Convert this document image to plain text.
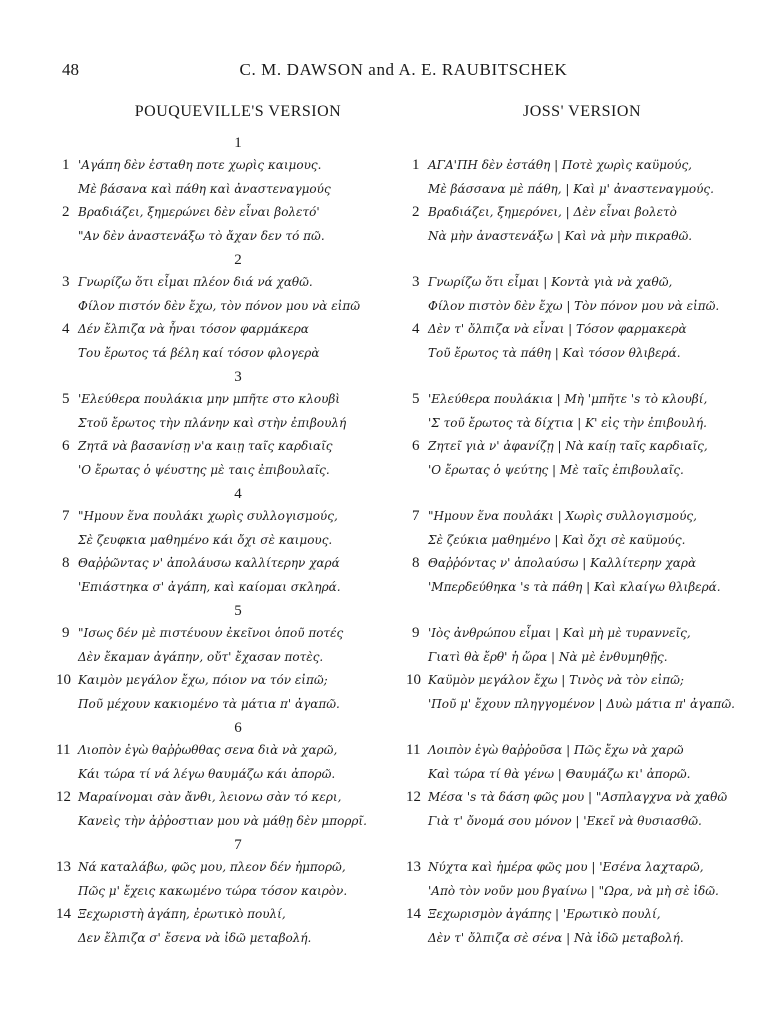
48	C. M. DAWSON and A. E. RAUBITSCHEK
POUQUEVILLE'S VERSION
1
1 'Αγάπη δὲν ἐσταθη ποτε χωρὶς καιμους.
Μὲ βάσανα καὶ πάθη καὶ ἀναστεναγμούς
2 Βραδιάζει, ξημερώνει δὲν εἶναι βολετό'
"Αν δὲν ἀναστενάξω τὸ ἄχαν δεν τό πῶ.
2
3 Γνωρίζω ὅτι εἶμαι πλέον διά νά χαθῶ.
Φίλον πιστόν δὲν ἔχω, τὸν πόνον μου νὰ εἰπῶ
4 Δέν ἔλπιζα νὰ ἦναι τόσον φαρμάκερα
Του ἔρωτος τά βέλη καί τόσον φλογερὰ
3
5 'Ελεύθερα πουλάκια μην μπῆτε στο κλουβὶ
Στοῦ ἔρωτος τὴν πλάνην καὶ στὴν ἐπιβουλή
6 Ζητᾶ νὰ βασανίσῃ ν'α καιῃ ταῖς καρδιαῖς
'Ο ἔρωτας ὁ ψέυστης μὲ ταις ἐπιβουλαῖς.
4
7 "Ημουν ἕνα πουλάκι χωρὶς συλλογισμούς,
Σὲ ζευφκια μαθημένο κάι ὄχι σὲ καιμους.
8 Θαῤῥῶντας ν' ἀπολάυσω καλλίτερην χαρά
'Επιάστηκα σ' ἀγάπη, καὶ καίομαι σκληρά.
5
9 "Ισως δέν μὲ πιστέυουν ἐκεῖνοι ὁποῦ ποτές
Δὲν ἔκαμαν ἀγάπην, οὔτ' ἔχασαν ποτὲς.
10 Καιμὸν μεγάλον ἔχω, πόιον να τόν εἰπῶ;
Ποῦ μέχουν κακιομένο τὰ μάτια π' ἀγαπῶ.
6
11 Λιοπὸν ἐγὼ θαῤῥωθθας σενα διὰ νὰ χαρῶ,
Κάι τώρα τί νά λέγω θαυμάζω κάι ἀπορῶ.
12 Μαραίνομαι σὰν ἄνθι, λειονω σὰν τό κερι,
Κανεὶς τὴν ἀῤῥοστιαν μου νὰ μάθῃ δὲν μπορρῖ.
7
13 Νά καταλάβω, φῶς μου, πλεον δέν ἠμπορῶ,
Πῶς μ' ἔχεις κακωμένο τώρα τόσον καιρὸν.
14 Ξεχωριστὴ ἀγάπη, ἐρωτικὸ πουλί,
Δεν ἔλπιζα σ' ἔσενα νὰ ἰδῶ μεταβολή.
JOSS' VERSION
1 ΑΓΑ'ΠΗ δὲν ἐστάθη | Ποτὲ χωρὶς καϋμούς,
Μὲ βάσσανα μὲ πάθη, | Καὶ μ' ἀναστεναγμούς.
2 Βραδιάζει, ξημερόνει, | Δὲν εἶναι βολετὸ
Νὰ μὴν ἀναστενάξω | Καὶ νὰ μὴν πικραθῶ.
3 Γνωρίζω ὅτι εἶμαι | Κοντὰ γιὰ νὰ χαθῶ,
Φίλον πιστὸν δὲν ἔχω | Τὸν πόνον μου νὰ εἰπῶ.
4 Δὲν τ' ὄλπιζα νὰ εἶναι | Τόσον φαρμακερὰ
Τοῦ ἔρωτος τὰ πάθη | Καὶ τόσον θλιβερά.
5 'Ελεύθερα πουλάκια | Μὴ 'μπῆτε 's τὸ κλουβί,
'Σ τοῦ ἔρωτος τὰ δίχτια | Κ' εἰς τὴν ἐπιβουλή.
6 Ζητεῖ γιὰ ν' ἀφανίζῃ | Νὰ καίῃ ταῖς καρδιαῖς,
'Ο ἔρωτας ὁ ψεύτης | Μὲ ταῖς ἐπιβουλαῖς.
7 "Ημουν ἕνα πουλάκι | Χωρὶς συλλογισμούς,
Σὲ ζεύκια μαθημένο | Καὶ ὄχι σὲ καϋμούς.
8 Θαῤῥόντας ν' ἀπολαύσω | Καλλίτερην χαρὰ
'Μπερδεύθηκα 's τὰ πάθη | Καὶ κλαίγω θλιβερά.
9 'Ιὸς ἀνθρώπου εἶμαι | Καὶ μὴ μὲ τυραννεῖς,
Γιατὶ θὰ ἔρθ' ἡ ὥρα | Νὰ μὲ ἐνθυμηθῇς.
10 Καϋμὸν μεγάλον ἔχω | Τινὸς νὰ τὸν εἰπῶ;
'Ποῦ μ' ἔχουν πληγγομένον | Δυὼ μάτια π' ἀγαπῶ.
11 Λοιπὸν ἐγὼ θαῤῥοῦσα | Πῶς ἔχω νὰ χαρῶ
Καὶ τώρα τί θὰ γένω | Θαυμάζω κι' ἀπορῶ.
12 Μέσα 's τὰ δάση φῶς μου | "Ασπλαγχνα νὰ χαθῶ
Γιὰ τ' ὄνομά σου μόνον | 'Εκεῖ νὰ θυσιασθῶ.
13 Νύχτα καὶ ἡμέρα φῶς μου | 'Εσένα λαχταρῶ,
'Απὸ τὸν νοῦν μου βγαίνω | "Ωρα, νὰ μὴ σὲ ἰδῶ.
14 Ξεχωρισμὸν ἀγάπης | 'Ερωτικὸ πουλί,
Δὲν τ' ὄλπιζα σὲ σένα | Νὰ ἰδῶ μεταβολή.
